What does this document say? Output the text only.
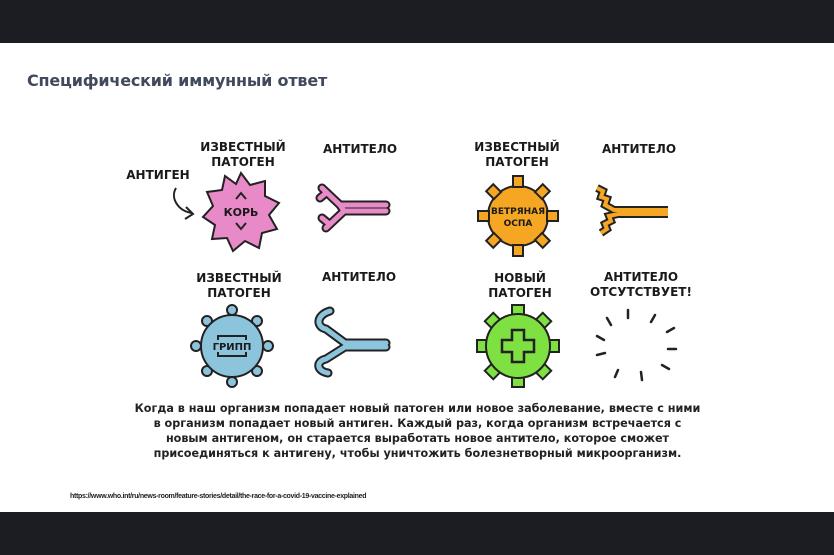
Специфический иммунный ответ
ИЗВЕСТНЫЙ
ПАТОГЕН
АНТИТЕЛО
АНТИГЕН
ИЗВЕСТНЫЙ
ПАТОГЕН
АНТИТЕЛО
ИЗВЕСТНЫЙ
ПАТОГЕН
АНТИТЕЛО	НОВЫЙ
ПАТОГЕН
АНТИТЕЛО
ОТСУТСТВУЕТ!
Когда в наш организм попадает новый патоген или новое заболевание, вместе с ними
в организм попадает новый антиген. Каждый раз, когда организм встречается с
новым антигеном, он старается выработать новое антитело, которое сможет
присоединяться к антигену, чтобы уничтожить болезнетворный микроорганизм.
https://www.who.int/ru/news-room/feature-stories/detail/the-race-for-a-covid-19-vaccine-explained
КОРЬ	ВЕТРЯНАЯ
ОСПА
ГРИПП
